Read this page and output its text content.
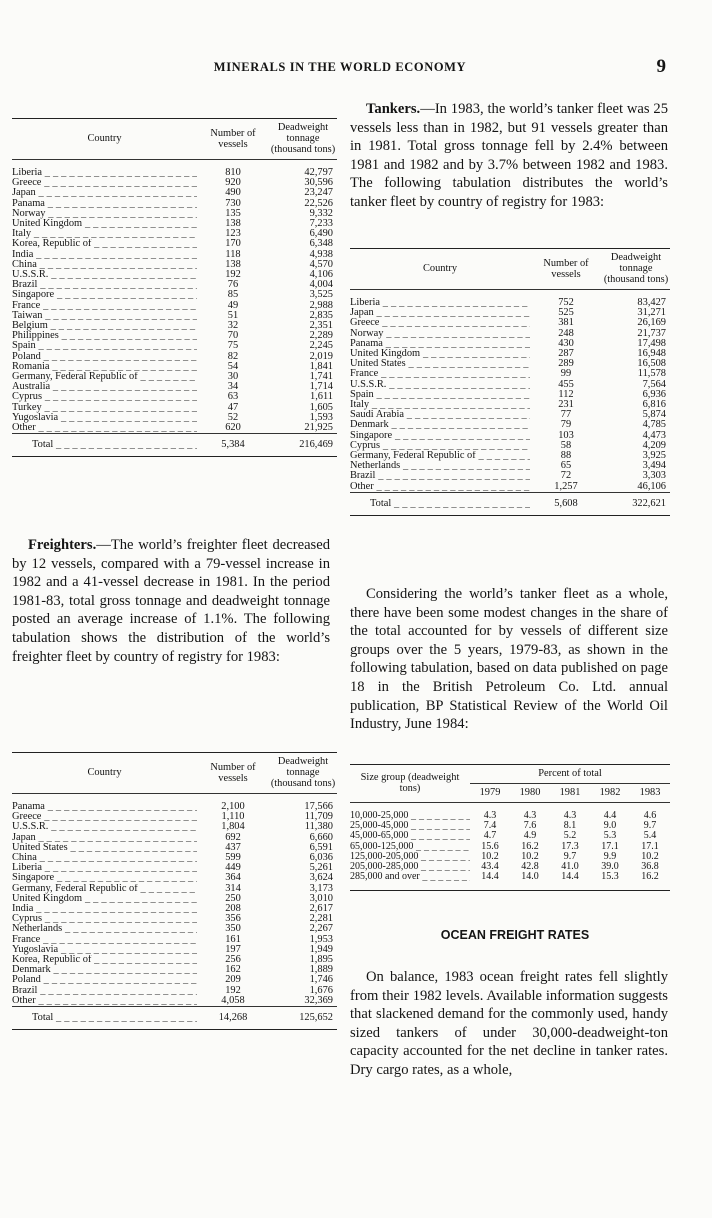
MINERALS IN THE WORLD ECONOMY	9
Country	Number of vessels	Deadweight tonnage (thousand tons)

Liberia _ _ _	810	42,797
Greece _ _ _	920	30,596
Japan _ _ _	490	23,247
Panama _ _ _	730	22,526
Norway _ _ _	135	9,332
United Kingdom _ _ _	138	7,233
Italy _ _ _	123	6,490
Korea, Republic of _ _ _	170	6,348
India _ _ _	118	4,938
China _ _ _	138	4,570
U.S.S.R. _ _ _	192	4,106
Brazil _ _ _	76	4,004
Singapore _ _ _	85	3,525
France _ _ _	49	2,988
Taiwan _ _ _	51	2,835
Belgium _ _ _	32	2,351
Philippines _ _ _	70	2,289
Spain _ _ _	75	2,245
Poland _ _ _	82	2,019
Romania _ _ _	54	1,841
Germany, Federal Republic of _ _ _	30	1,741
Australia _ _ _	34	1,714
Cyprus _ _ _	63	1,611
Turkey _ _ _	47	1,605
Yugoslavia _ _ _	52	1,593
Other _ _ _	620	21,925
Total _ _ _	5,384	216,469

Freighters.—The world’s freighter fleet decreased by 12 vessels, compared with a 79-vessel increase in 1982 and a 41-vessel decrease in 1981. In the period 1981-83, total gross tonnage and deadweight tonnage posted an average increase of 1.1%. The following tabulation shows the distribution of the world’s freighter fleet by country of registry for 1983:

Country	Number of vessels	Deadweight tonnage (thousand tons)

Panama _ _ _	2,100	17,566
Greece _ _ _	1,110	11,709
U.S.S.R. _ _ _	1,804	11,380
Japan _ _ _	692	6,660
United States _ _ _	437	6,591
China _ _ _	599	6,036
Liberia _ _ _	449	5,261
Singapore _ _ _	364	3,624
Germany, Federal Republic of _ _ _	314	3,173
United Kingdom _ _ _	250	3,010
India _ _ _	208	2,617
Cyprus _ _ _	356	2,281
Netherlands _ _ _	350	2,267
France _ _ _	161	1,953
Yugoslavia _ _ _	197	1,949
Korea, Republic of _ _ _	256	1,895
Denmark _ _ _	162	1,889
Poland _ _ _	209	1,746
Brazil _ _ _	192	1,676
Other _ _ _	4,058	32,369
Total _ _ _	14,268	125,652

Tankers.—In 1983, the world’s tanker fleet was 25 vessels less than in 1982, but 91 vessels greater than in 1981. Total gross tonnage fell by 2.4% between 1981 and 1982 and by 3.7% between 1982 and 1983. The following tabulation distributes the world’s tanker fleet by country of registry for 1983:

Country	Number of vessels	Deadweight tonnage (thousand tons)

Liberia _ _ _	752	83,427
Japan _ _ _	525	31,271
Greece _ _ _	381	26,169
Norway _ _ _	248	21,737
Panama _ _ _	430	17,498
United Kingdom _ _ _	287	16,948
United States _ _ _	289	16,508
France _ _ _	99	11,578
U.S.S.R. _ _ _	455	7,564
Spain _ _ _	112	6,936
Italy _ _ _	231	6,816
Saudi Arabia _ _ _	77	5,874
Denmark _ _ _	79	4,785
Singapore _ _ _	103	4,473
Cyprus _ _ _	58	4,209
Germany, Federal Republic of _ _ _	88	3,925
Netherlands _ _ _	65	3,494
Brazil _ _ _	72	3,303
Other _ _ _	1,257	46,106
Total _ _ _	5,608	322,621

Considering the world’s tanker fleet as a whole, there have been some modest changes in the share of the total accounted for by vessels of different size groups over the 5 years, 1979-83, as shown in the following tabulation, based on data published on page 18 in the British Petroleum Co. Ltd. annual publication, BP Statistical Review of the World Oil Industry, June 1984:

Size group (deadweight tons)	Percent of total				
	1979	1980	1981	1982	1983

10,000-25,000 _ _ _	4.3	4.3	4.3	4.4	4.6
25,000-45,000 _ _ _	7.4	7.6	8.1	9.0	9.7
45,000-65,000 _ _ _	4.7	4.9	5.2	5.3	5.4
65,000-125,000 _ _ _	15.6	16.2	17.3	17.1	17.1
125,000-205,000 _ _ _	10.2	10.2	9.7	9.9	10.2
205,000-285,000 _ _ _	43.4	42.8	41.0	39.0	36.8
285,000 and over _ _ _	14.4	14.0	14.4	15.3	16.2

OCEAN FREIGHT RATES

On balance, 1983 ocean freight rates fell slightly from their 1982 levels. Available information suggests that slackened demand for the commonly used, handy sized tankers of under 30,000-deadweight-ton capacity accounted for the net decline in tanker rates. Dry cargo rates, as a whole,
